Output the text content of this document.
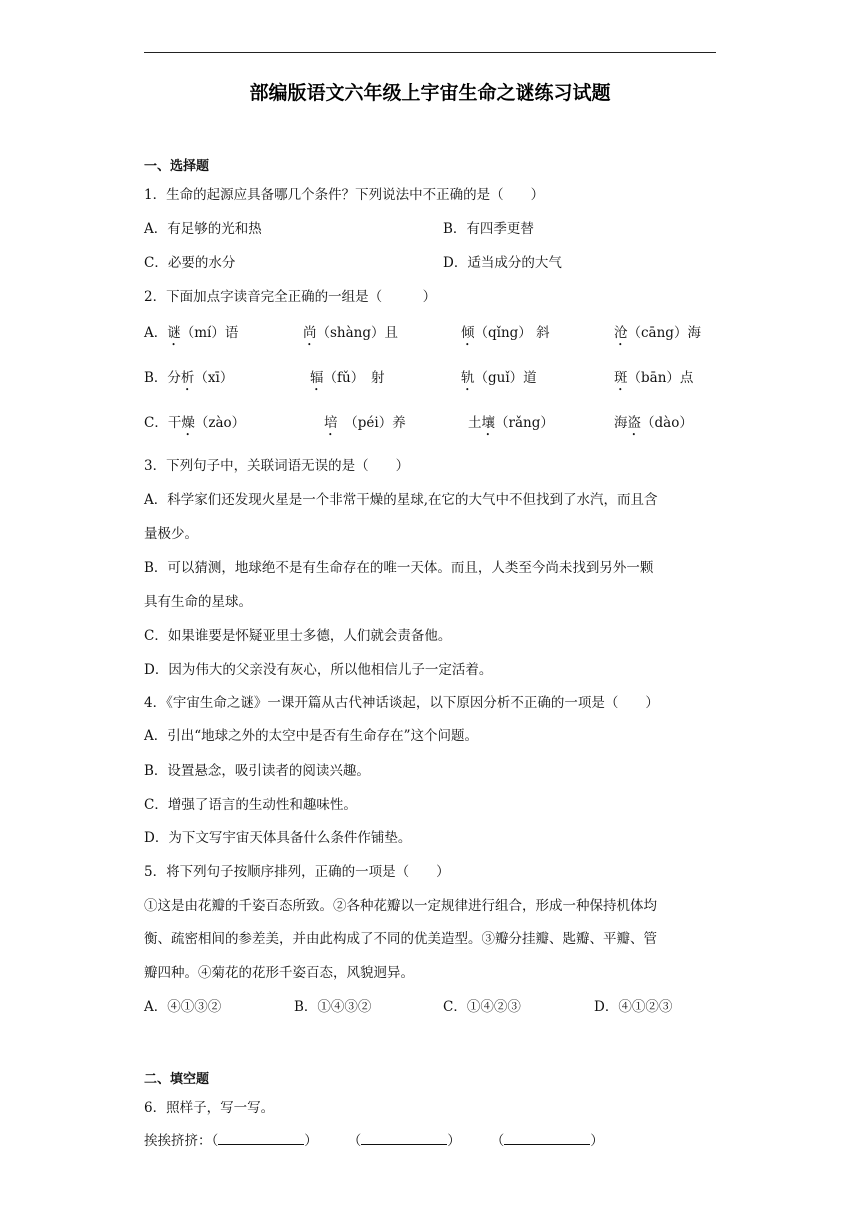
部编版语文六年级上宇宙生命之谜练习试题
一、选择题
1．生命的起源应具备哪几个条件？下列说法中不正确的是（　　）
A．有足够的光和热	B．有四季更替
C．必要的水分	D．适当成分的大气
2．下面加点字读音完全正确的一组是（　　　）
A．谜（mí）语	尚（shàng）且	倾（qǐng） 斜	沧（cāng）海
B．分析（xī）	辐（fǔ）　射	轨（guǐ）道	斑（bān）点
C．干燥（zào）	培　（péi）养	土壤（rǎng）	海盗（dào）
3．下列句子中，关联词语无误的是（　　）
A．科学家们还发现火星是一个非常干燥的星球,在它的大气中不但找到了水汽，而且含
量极少。
B．可以猜测，地球绝不是有生命存在的唯一天体。而且，人类至今尚未找到另外一颗
具有生命的星球。
C．如果谁要是怀疑亚里士多德，人们就会责备他。
D．因为伟大的父亲没有灰心，所以他相信儿子一定活着。
4．《宇宙生命之谜》一课开篇从古代神话谈起，以下原因分析不正确的一项是（　　）
A．引出“地球之外的太空中是否有生命存在”这个问题。
B．设置悬念，吸引读者的阅读兴趣。
C．增强了语言的生动性和趣味性。
D．为下文写宇宙天体具备什么条件作铺垫。
5．将下列句子按顺序排列，正确的一项是（　　）
①这是由花瓣的千姿百态所致。②各种花瓣以一定规律进行组合，形成一种保持机体均
衡、疏密相间的参差美，并由此构成了不同的优美造型。③瓣分挂瓣、匙瓣、平瓣、管
瓣四种。④菊花的花形千姿百态，风貌迥异。
A．④①③②	B．①④③②	C．①④②③	D．④①②③
二、填空题
6．照样子，写一写。
挨挨挤挤：（	） （	） （	）
